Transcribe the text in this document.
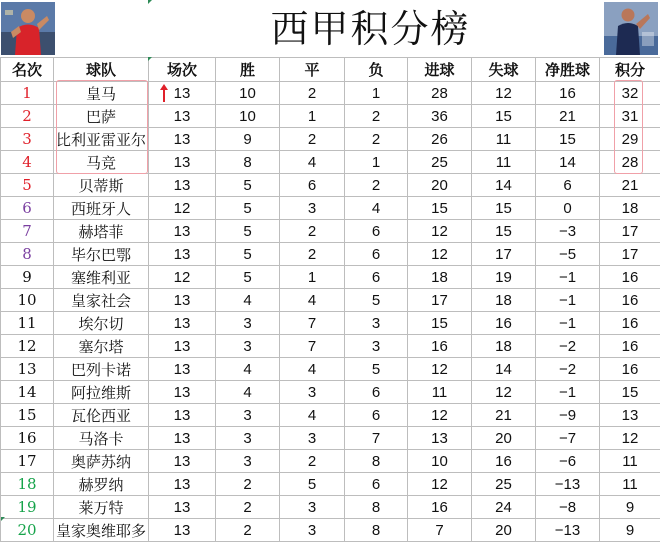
西甲积分榜
名次	球队	场次	胜	平	负	进球	失球	净胜球	积分
1	皇马	13	10	2	1	28	12	16	32
2	巴萨	13	10	1	2	36	15	21	31
3	比利亚雷亚尔	13	9	2	2	26	11	15	29
4	马竞	13	8	4	1	25	11	14	28
5	贝蒂斯	13	5	6	2	20	14	6	21
6	西班牙人	12	5	3	4	15	15	0	18
7	赫塔菲	13	5	2	6	12	15	−3	17
8	毕尔巴鄂	13	5	2	6	12	17	−5	17
9	塞维利亚	12	5	1	6	18	19	−1	16
10	皇家社会	13	4	4	5	17	18	−1	16
11	埃尔切	13	3	7	3	15	16	−1	16
12	塞尔塔	13	3	7	3	16	18	−2	16
13	巴列卡诺	13	4	4	5	12	14	−2	16
14	阿拉维斯	13	4	3	6	11	12	−1	15
15	瓦伦西亚	13	3	4	6	12	21	−9	13
16	马洛卡	13	3	3	7	13	20	−7	12
17	奥萨苏纳	13	3	2	8	10	16	−6	11
18	赫罗纳	13	2	5	6	12	25	−13	11
19	莱万特	13	2	3	8	16	24	−8	9
20	皇家奥维耶多	13	2	3	8	7	20	−13	9
